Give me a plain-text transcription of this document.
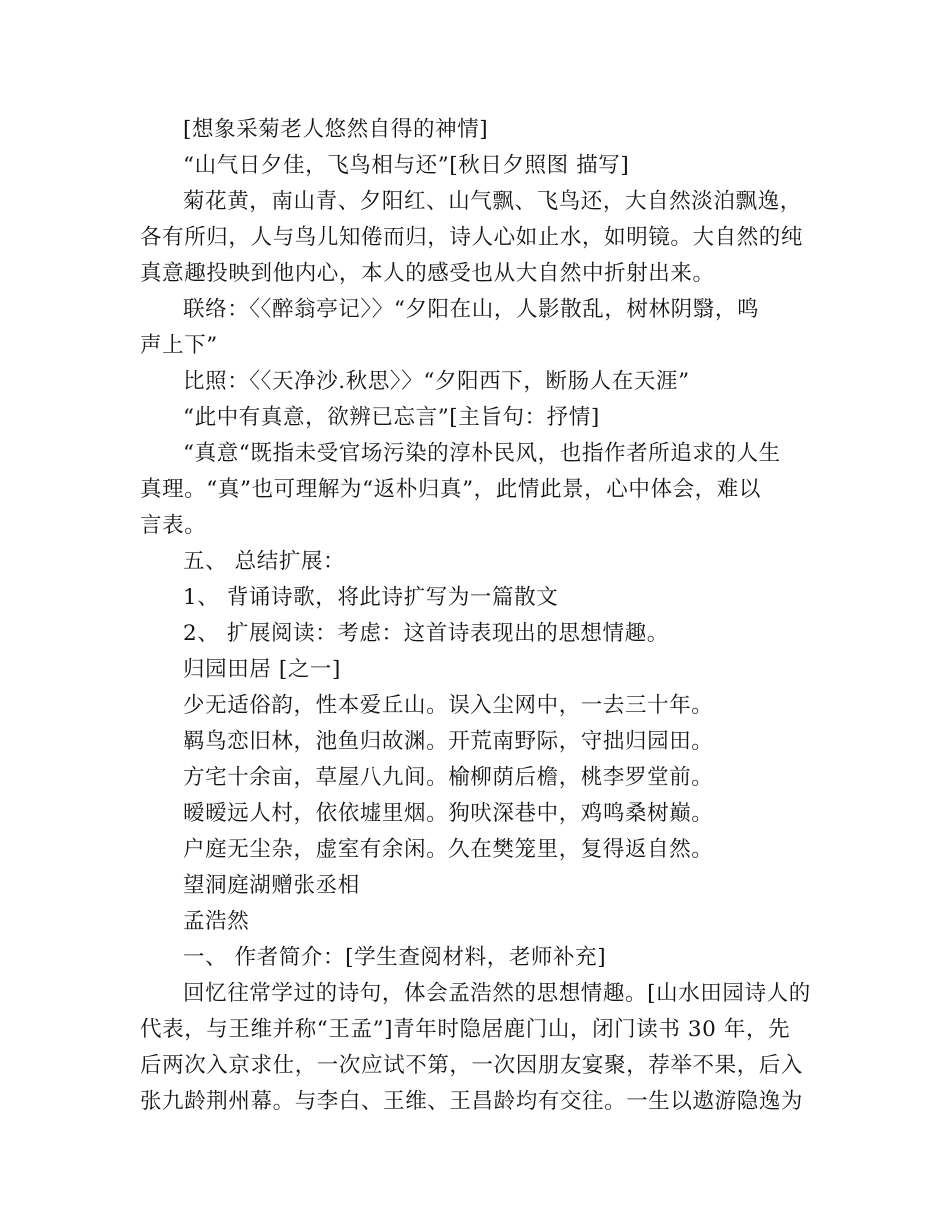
[想象采菊老人悠然自得的神情]
“山气日夕佳，飞鸟相与还”[秋日夕照图 描写]
菊花黄，南山青、夕阳红、山气飘、飞鸟还，大自然淡泊飘逸，
各有所归，人与鸟儿知倦而归，诗人心如止水，如明镜。大自然的纯
真意趣投映到他内心，本人的感受也从大自然中折射出来。
联络：〈〈醉翁亭记〉〉“夕阳在山，人影散乱，树林阴翳，鸣
声上下”
比照：〈〈天净沙.秋思〉〉“夕阳西下，断肠人在天涯”
“此中有真意，欲辨已忘言”[主旨句：抒情]
“真意“既指未受官场污染的淳朴民风，也指作者所追求的人生
真理。“真”也可理解为“返朴归真”，此情此景，心中体会，难以
言表。
五、 总结扩展：
1、 背诵诗歌，将此诗扩写为一篇散文
2、 扩展阅读：考虑：这首诗表现出的思想情趣。
归园田居 [之一]
少无适俗韵，性本爱丘山。误入尘网中，一去三十年。
羁鸟恋旧林，池鱼归故渊。开荒南野际，守拙归园田。
方宅十余亩，草屋八九间。榆柳荫后檐，桃李罗堂前。
暧暧远人村，依依墟里烟。狗吠深巷中，鸡鸣桑树巅。
户庭无尘杂，虚室有余闲。久在樊笼里，复得返自然。
望洞庭湖赠张丞相
孟浩然
一、 作者简介：[学生查阅材料，老师补充]
回忆往常学过的诗句，体会孟浩然的思想情趣。[山水田园诗人的
代表，与王维并称“王孟”]青年时隐居鹿门山，闭门读书 30 年，先
后两次入京求仕，一次应试不第，一次因朋友宴聚，荐举不果，后入
张九龄荆州幕。与李白、王维、王昌龄均有交往。一生以遨游隐逸为
